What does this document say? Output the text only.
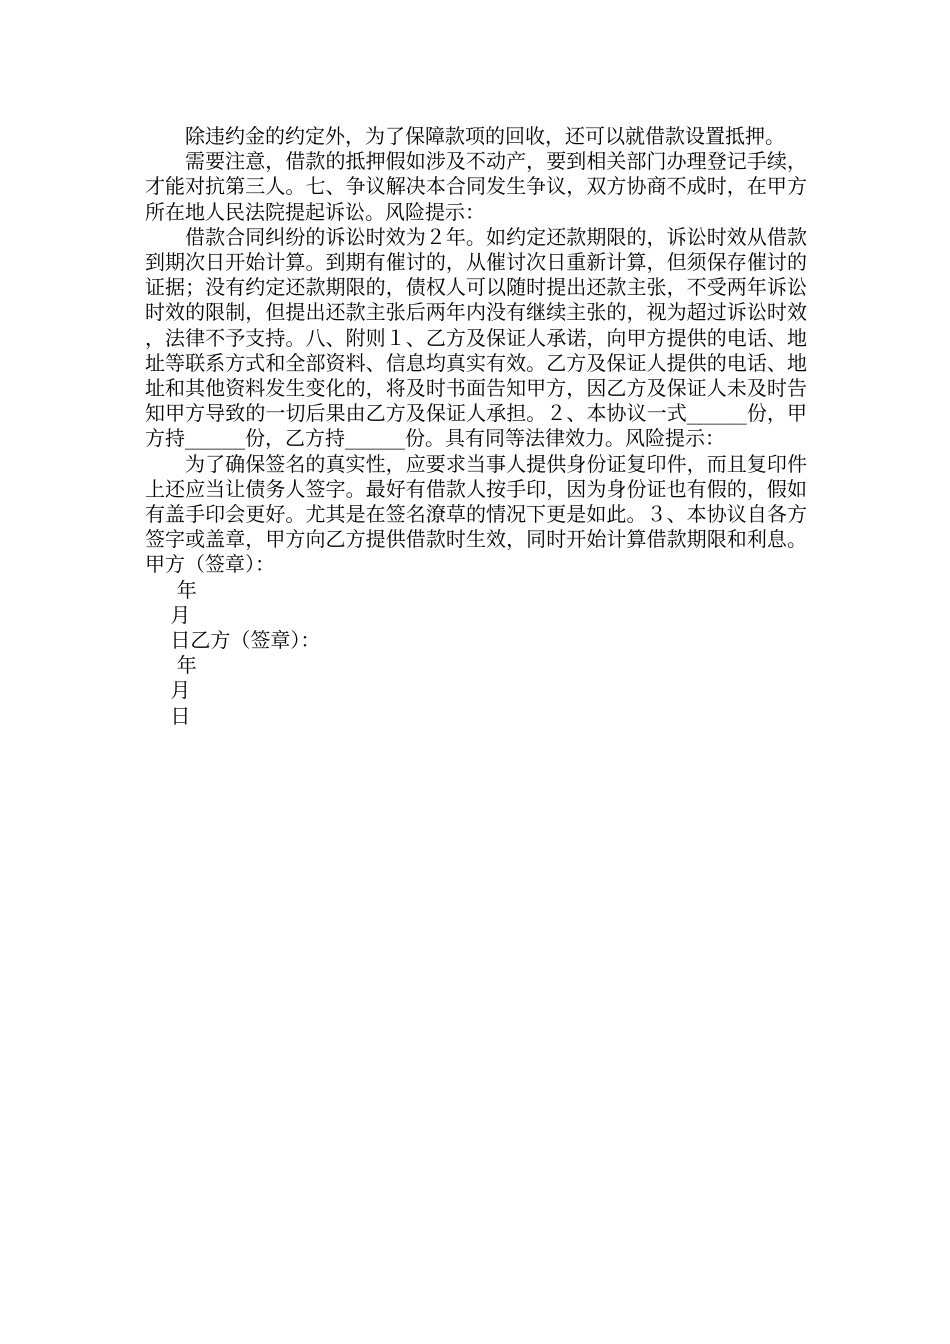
除违约金的约定外，为了保障款项的回收，还可以就借款设置抵押。

需要注意，借款的抵押假如涉及不动产，要到相关部门办理登记手续，才能对抗第三人。七、争议解决本合同发生争议，双方协商不成时，在甲方所在地人民法院提起诉讼。风险提示：

借款合同纠纷的诉讼时效为２年。如约定还款期限的，诉讼时效从借款到期次日开始计算。到期有催讨的，从催讨次日重新计算，但须保存催讨的证据；没有约定还款期限的，债权人可以随时提出还款主张，不受两年诉讼时效的限制，但提出还款主张后两年内没有继续主张的，视为超过诉讼时效，法律不予支持。八、附则１、乙方及保证人承诺，向甲方提供的电话、地址等联系方式和全部资料、信息均真实有效。乙方及保证人提供的电话、地址和其他资料发生变化的，将及时书面告知甲方，因乙方及保证人未及时告知甲方导致的一切后果由乙方及保证人承担。２、本协议一式______份，甲方持______份，乙方持______份。具有同等法律效力。风险提示：

为了确保签名的真实性，应要求当事人提供身份证复印件，而且复印件上还应当让债务人签字。最好有借款人按手印，因为身份证也有假的，假如有盖手印会更好。尤其是在签名潦草的情况下更是如此。３、本协议自各方签字或盖章，甲方向乙方提供借款时生效，同时开始计算借款期限和利息。甲方（签章）：

年

月

日乙方（签章）：

年

月

日
